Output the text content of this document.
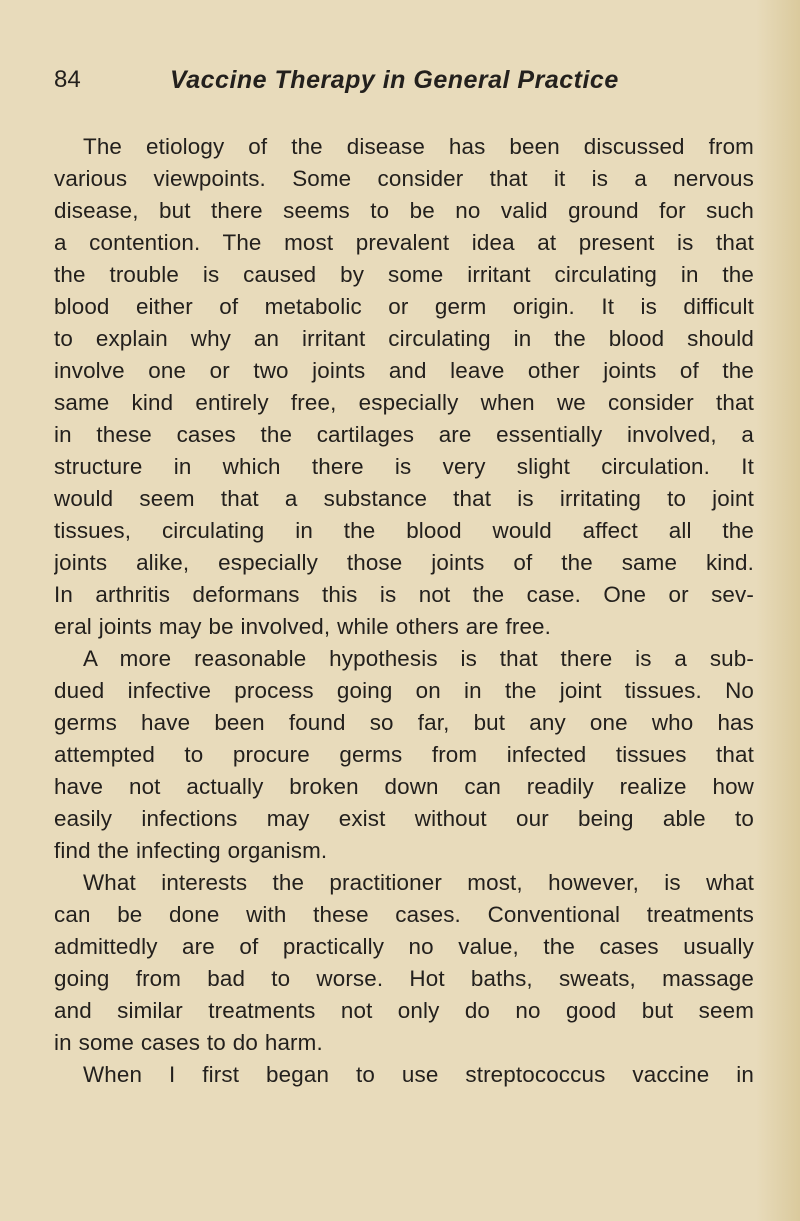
84	Vaccine Therapy in General Practice
The etiology of the disease has been discussed from
various viewpoints. Some consider that it is a nervous
disease, but there seems to be no valid ground for such
a contention. The most prevalent idea at present is that
the trouble is caused by some irritant circulating in the
blood either of metabolic or germ origin. It is difficult
to explain why an irritant circulating in the blood should
involve one or two joints and leave other joints of the
same kind entirely free, especially when we consider that
in these cases the cartilages are essentially involved, a
structure in which there is very slight circulation. It
would seem that a substance that is irritating to joint
tissues, circulating in the blood would affect all the
joints alike, especially those joints of the same kind.
In arthritis deformans this is not the case. One or sev-
eral joints may be involved, while others are free.
A more reasonable hypothesis is that there is a sub-
dued infective process going on in the joint tissues. No
germs have been found so far, but any one who has
attempted to procure germs from infected tissues that
have not actually broken down can readily realize how
easily infections may exist without our being able to
find the infecting organism.
What interests the practitioner most, however, is what
can be done with these cases. Conventional treatments
admittedly are of practically no value, the cases usually
going from bad to worse. Hot baths, sweats, massage
and similar treatments not only do no good but seem
in some cases to do harm.
When I first began to use streptococcus vaccine in
